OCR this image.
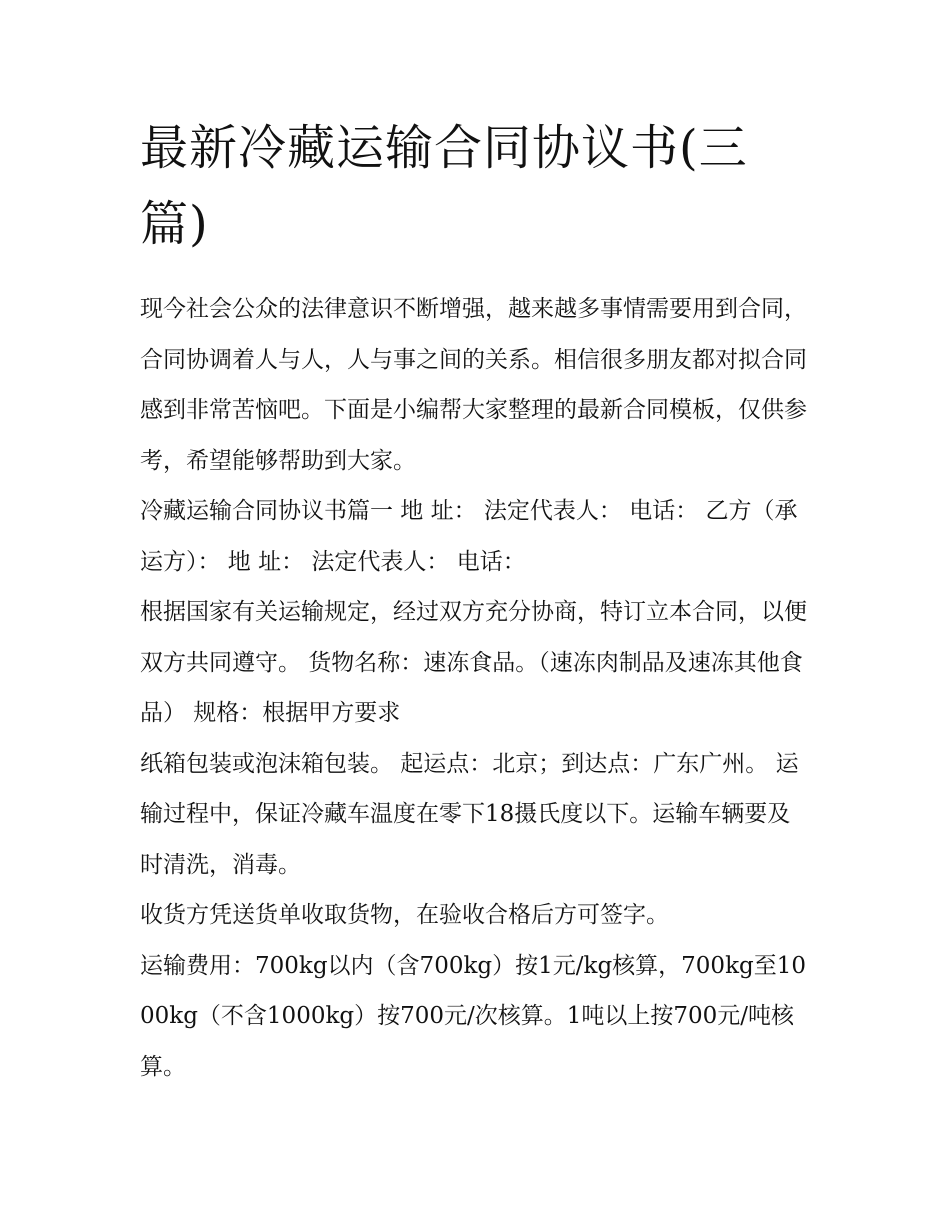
最新冷藏运输合同协议书(三篇)

现今社会公众的法律意识不断增强，越来越多事情需要用到合同，合同协调着人与人，人与事之间的关系。相信很多朋友都对拟合同感到非常苦恼吧。下面是小编帮大家整理的最新合同模板，仅供参考，希望能够帮助到大家。

冷藏运输合同协议书篇一 地 址： 法定代表人： 电话： 乙方（承运方）： 地 址： 法定代表人： 电话：

根据国家有关运输规定，经过双方充分协商，特订立本合同，以便双方共同遵守。 货物名称：速冻食品。（速冻肉制品及速冻其他食品） 规格：根据甲方要求

纸箱包装或泡沫箱包装。 起运点：北京；到达点：广东广州。 运输过程中，保证冷藏车温度在零下18摄氏度以下。运输车辆要及时清洗，消毒。

收货方凭送货单收取货物，在验收合格后方可签字。

运输费用：700kg以内（含700kg）按1元/kg核算，700kg至1000kg（不含1000kg）按700元/次核算。1吨以上按700元/吨核算。
